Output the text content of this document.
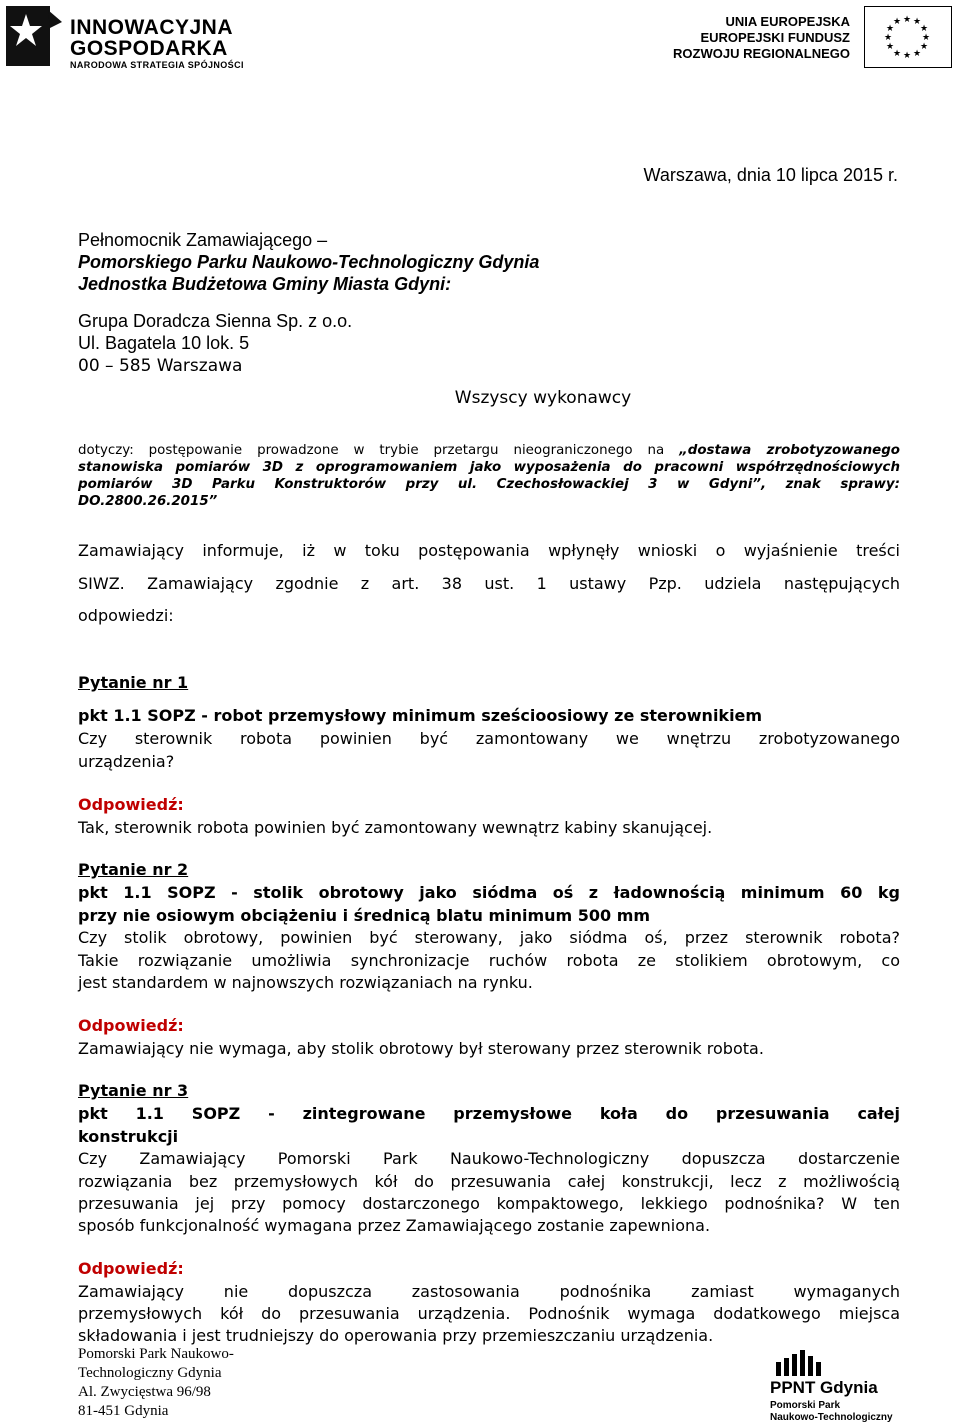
INNOWACYJNA
GOSPODARKA
NARODOWA STRATEGIA SPÓJNOŚCI
UNIA EUROPEJSKA
EUROPEJSKI FUNDUSZ
ROZWOJU REGIONALNEGO
★ ★
★
★
★
★
★
★
★
★
★
★
Warszawa, dnia 10 lipca 2015 r.
Pełnomocnik Zamawiającego –
Pomorskiego Parku Naukowo-Technologiczny Gdynia
Jednostka Budżetowa Gminy Miasta Gdyni:
Grupa Doradcza Sienna Sp. z o.o.
Ul. Bagatela 10 lok. 5
00 – 585 Warszawa
Wszyscy wykonawcy
dotyczy: postępowanie prowadzone w trybie przetargu nieograniczonego na „dostawa zrobotyzowanego
stanowiska pomiarów 3D z oprogramowaniem jako wyposażenia do pracowni współrzędnościowych
pomiarów 3D Parku Konstruktorów przy ul. Czechosłowackiej 3 w Gdyni”, znak sprawy:
DO.2800.26.2015”
Zamawiający informuje, iż w toku postępowania wpłynęły wnioski o wyjaśnienie treści
SIWZ. Zamawiający zgodnie z art. 38 ust. 1 ustawy Pzp. udziela następujących
odpowiedzi:
Pytanie nr 1
pkt 1.1 SOPZ - robot przemysłowy minimum sześcioosiowy ze sterownikiem
Czy sterownik robota powinien być zamontowany we wnętrzu zrobotyzowanego
urządzenia?
Odpowiedź:
Tak, sterownik robota powinien być zamontowany wewnątrz kabiny skanującej.
Pytanie nr 2
pkt 1.1 SOPZ - stolik obrotowy jako siódma oś z ładownością minimum 60 kg
przy nie osiowym obciążeniu i średnicą blatu minimum 500 mm
Czy stolik obrotowy, powinien być sterowany, jako siódma oś, przez sterownik robota?
Takie rozwiązanie umożliwia synchronizacje ruchów robota ze stolikiem obrotowym, co
jest standardem w najnowszych rozwiązaniach na rynku.
Odpowiedź:
Zamawiający nie wymaga, aby stolik obrotowy był sterowany przez sterownik robota.
Pytanie nr 3
pkt 1.1 SOPZ - zintegrowane przemysłowe koła do przesuwania całej
konstrukcji
Czy Zamawiający Pomorski Park Naukowo-Technologiczny dopuszcza dostarczenie
rozwiązania bez przemysłowych kół do przesuwania całej konstrukcji, lecz z możliwością
przesuwania jej przy pomocy dostarczonego kompaktowego, lekkiego podnośnika? W ten
sposób funkcjonalność wymagana przez Zamawiającego zostanie zapewniona.
Odpowiedź:
Zamawiający nie dopuszcza zastosowania podnośnika zamiast wymaganych
przemysłowych kół do przesuwania urządzenia. Podnośnik wymaga dodatkowego miejsca
składowania i jest trudniejszy do operowania przy przemieszczaniu urządzenia.
Pomorski Park Naukowo-
Technologiczny Gdynia
Al. Zwycięstwa 96/98
81-451 Gdynia
PPNT Gdynia
Pomorski Park
Naukowo-Technologiczny
